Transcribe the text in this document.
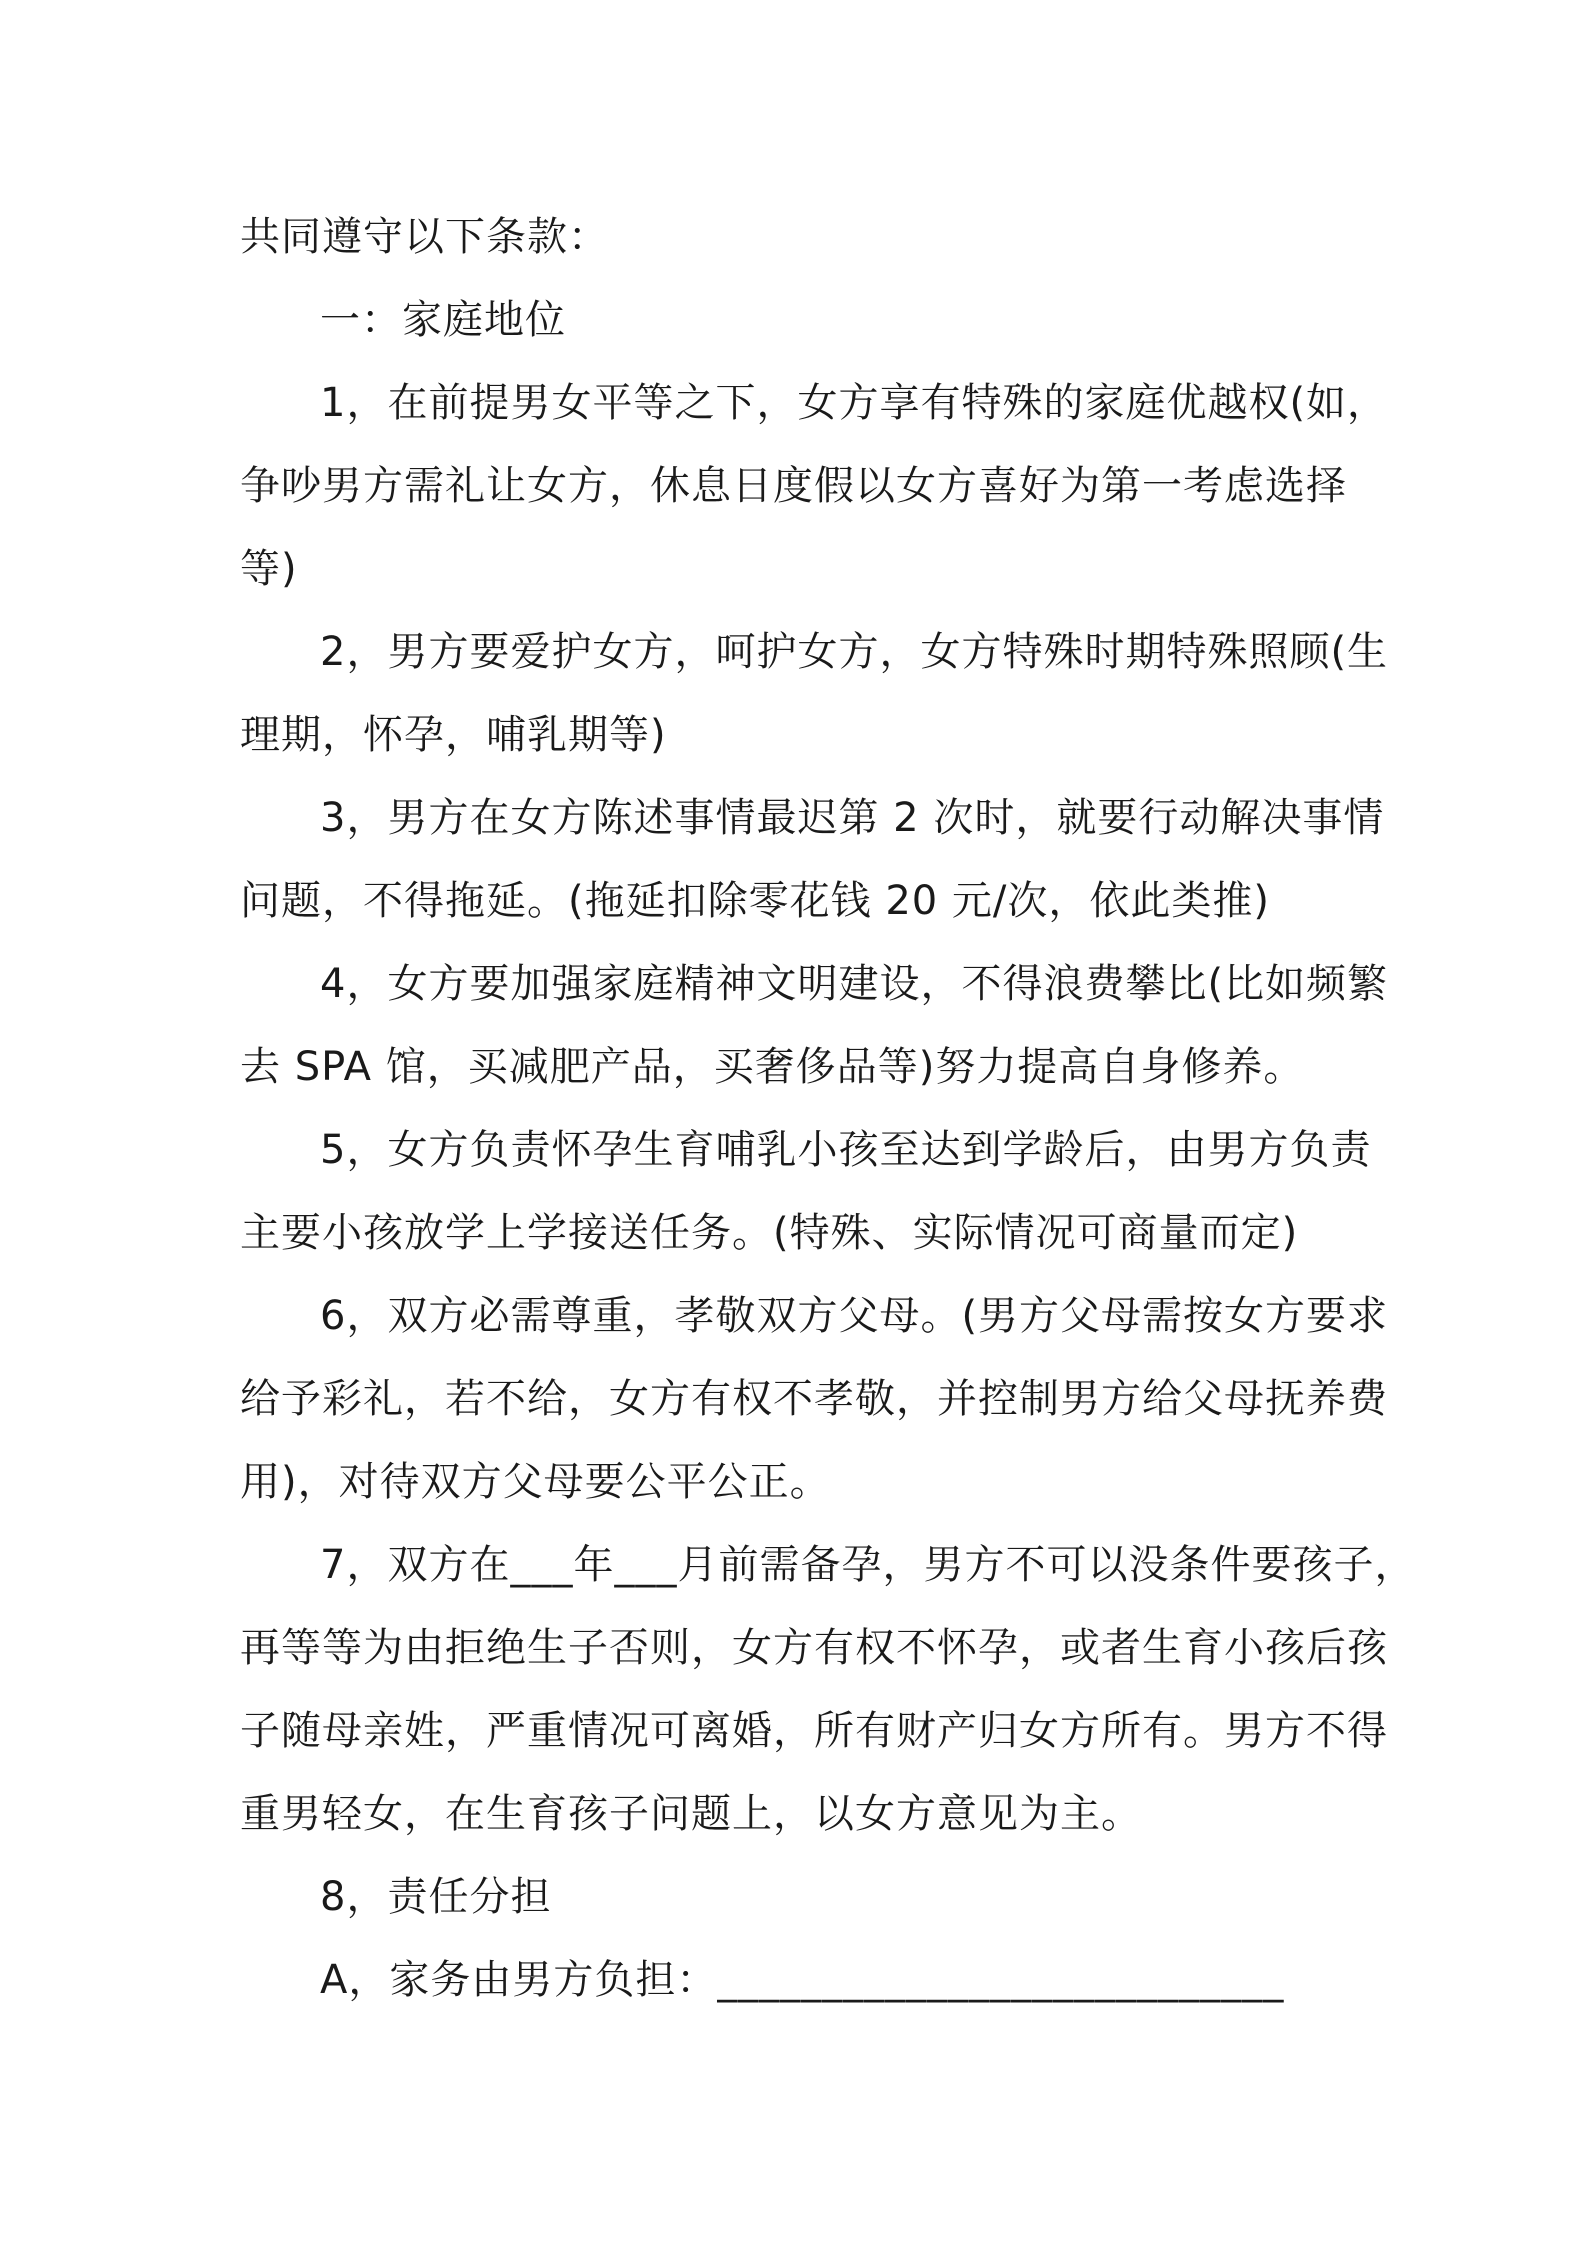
共同遵守以下条款：

一：家庭地位

1，在前提男女平等之下，女方享有特殊的家庭优越权(如，

争吵男方需礼让女方，休息日度假以女方喜好为第一考虑选择

等)

2，男方要爱护女方，呵护女方，女方特殊时期特殊照顾(生

理期，怀孕，哺乳期等)

3，男方在女方陈述事情最迟第 2 次时，就要行动解决事情

问题，不得拖延。(拖延扣除零花钱 20 元/次，依此类推)

4，女方要加强家庭精神文明建设，不得浪费攀比(比如频繁

去 SPA 馆，买减肥产品，买奢侈品等)努力提高自身修养。

5，女方负责怀孕生育哺乳小孩至达到学龄后，由男方负责

主要小孩放学上学接送任务。(特殊、实际情况可商量而定)

6，双方必需尊重，孝敬双方父母。(男方父母需按女方要求

给予彩礼，若不给，女方有权不孝敬，并控制男方给父母抚养费

用)，对待双方父母要公平公正。

7，双方在___年___月前需备孕，男方不可以没条件要孩子，

再等等为由拒绝生子否则，女方有权不怀孕，或者生育小孩后孩

子随母亲姓，严重情况可离婚，所有财产归女方所有。男方不得

重男轻女，在生育孩子问题上，以女方意见为主。

8，责任分担

A，家务由男方负担：___________________________
